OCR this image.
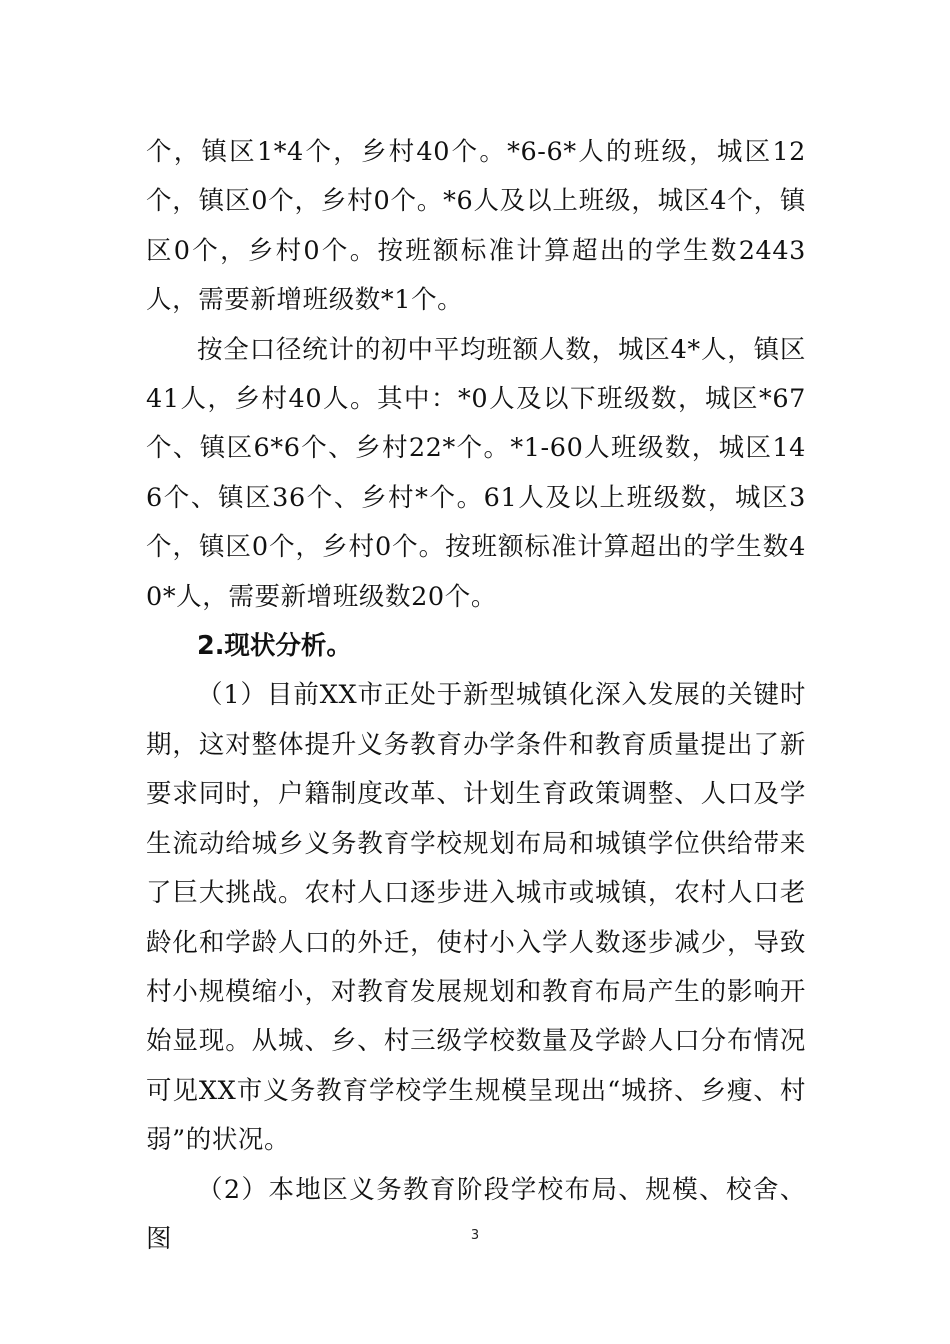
个，镇区1*4个，乡村40个。*6-6*人的班级，城区12个，镇区0个，乡村0个。*6人及以上班级，城区4个，镇区0个，乡村0个。按班额标准计算超出的学生数2443人，需要新增班级数*1个。

按全口径统计的初中平均班额人数，城区4*人，镇区41人，乡村40人。其中：*0人及以下班级数，城区*67个、镇区6*6个、乡村22*个。*1-60人班级数，城区146个、镇区36个、乡村*个。61人及以上班级数，城区3个，镇区0个，乡村0个。按班额标准计算超出的学生数40*人，需要新增班级数20个。

2.现状分析。

（1）目前XX市正处于新型城镇化深入发展的关键时期，这对整体提升义务教育办学条件和教育质量提出了新要求同时，户籍制度改革、计划生育政策调整、人口及学生流动给城乡义务教育学校规划布局和城镇学位供给带来了巨大挑战。农村人口逐步进入城市或城镇，农村人口老龄化和学龄人口的外迁，使村小入学人数逐步减少，导致村小规模缩小，对教育发展规划和教育布局产生的影响开始显现。从城、乡、村三级学校数量及学龄人口分布情况可见XX市义务教育学校学生规模呈现出“城挤、乡瘦、村弱”的状况。

（2）本地区义务教育阶段学校布局、规模、校舍、图	3
